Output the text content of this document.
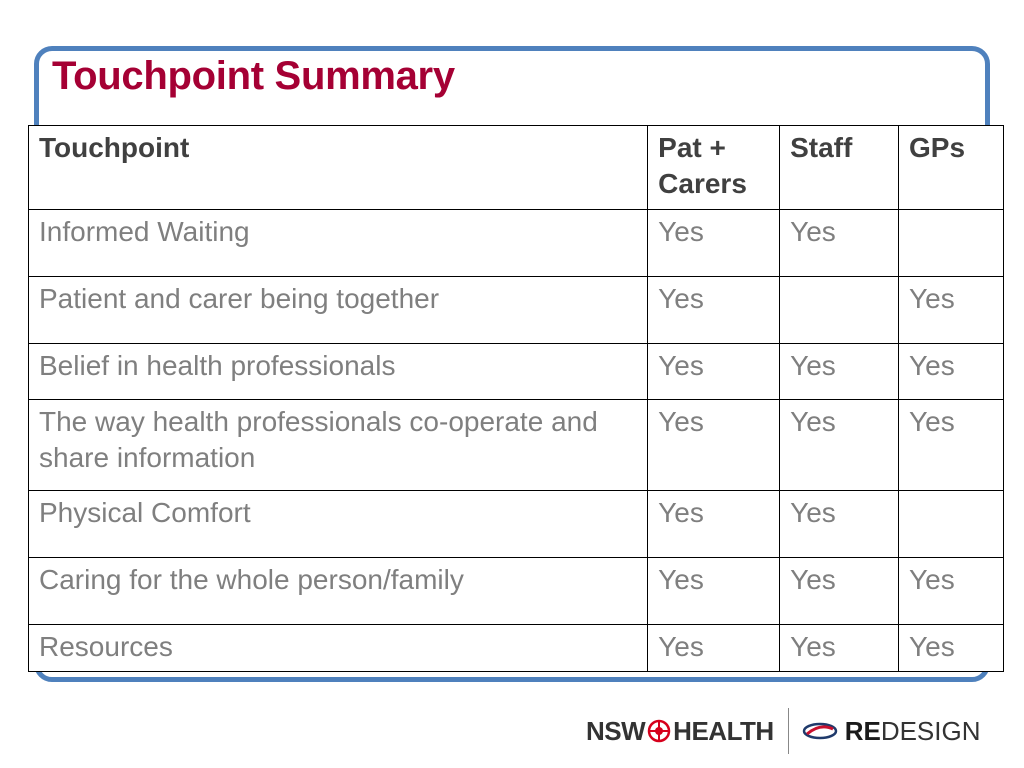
Touchpoint Summary
Touchpoint	Pat + Carers	Staff	GPs
Informed Waiting	Yes	Yes	
Patient and carer being together	Yes		Yes
Belief in health professionals	Yes	Yes	Yes
The way health professionals co-operate and share information	Yes	Yes	Yes
Physical Comfort	Yes	Yes	
Caring for the whole person/family	Yes	Yes	Yes
Resources	Yes	Yes	Yes
NSW HEALTH	RE DESIGN
